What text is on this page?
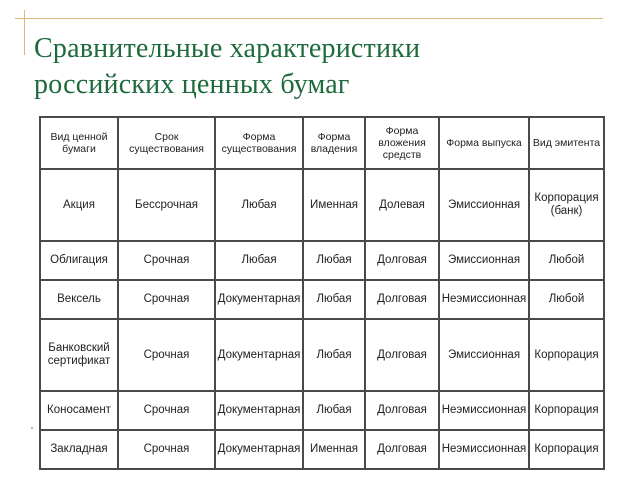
Сравнительные характеристики
российских ценных бумаг
Вид ценной бумаги	Срок существования	Форма существования	Форма владения	Форма вложения средств	Форма выпуска	Вид эмитента
Акция	Бессрочная	Любая	Именная	Долевая	Эмиссионная	Корпорация (банк)
Облигация	Срочная	Любая	Любая	Долговая	Эмиссионная	Любой
Вексель	Срочная	Документарная	Любая	Долговая	Неэмиссионная	Любой
Банковский сертификат	Срочная	Документарная	Любая	Долговая	Эмиссионная	Корпорация
Коносамент	Срочная	Документарная	Любая	Долговая	Неэмиссионная	Корпорация
Закладная	Срочная	Документарная	Именная	Долговая	Неэмиссионная	Корпорация
